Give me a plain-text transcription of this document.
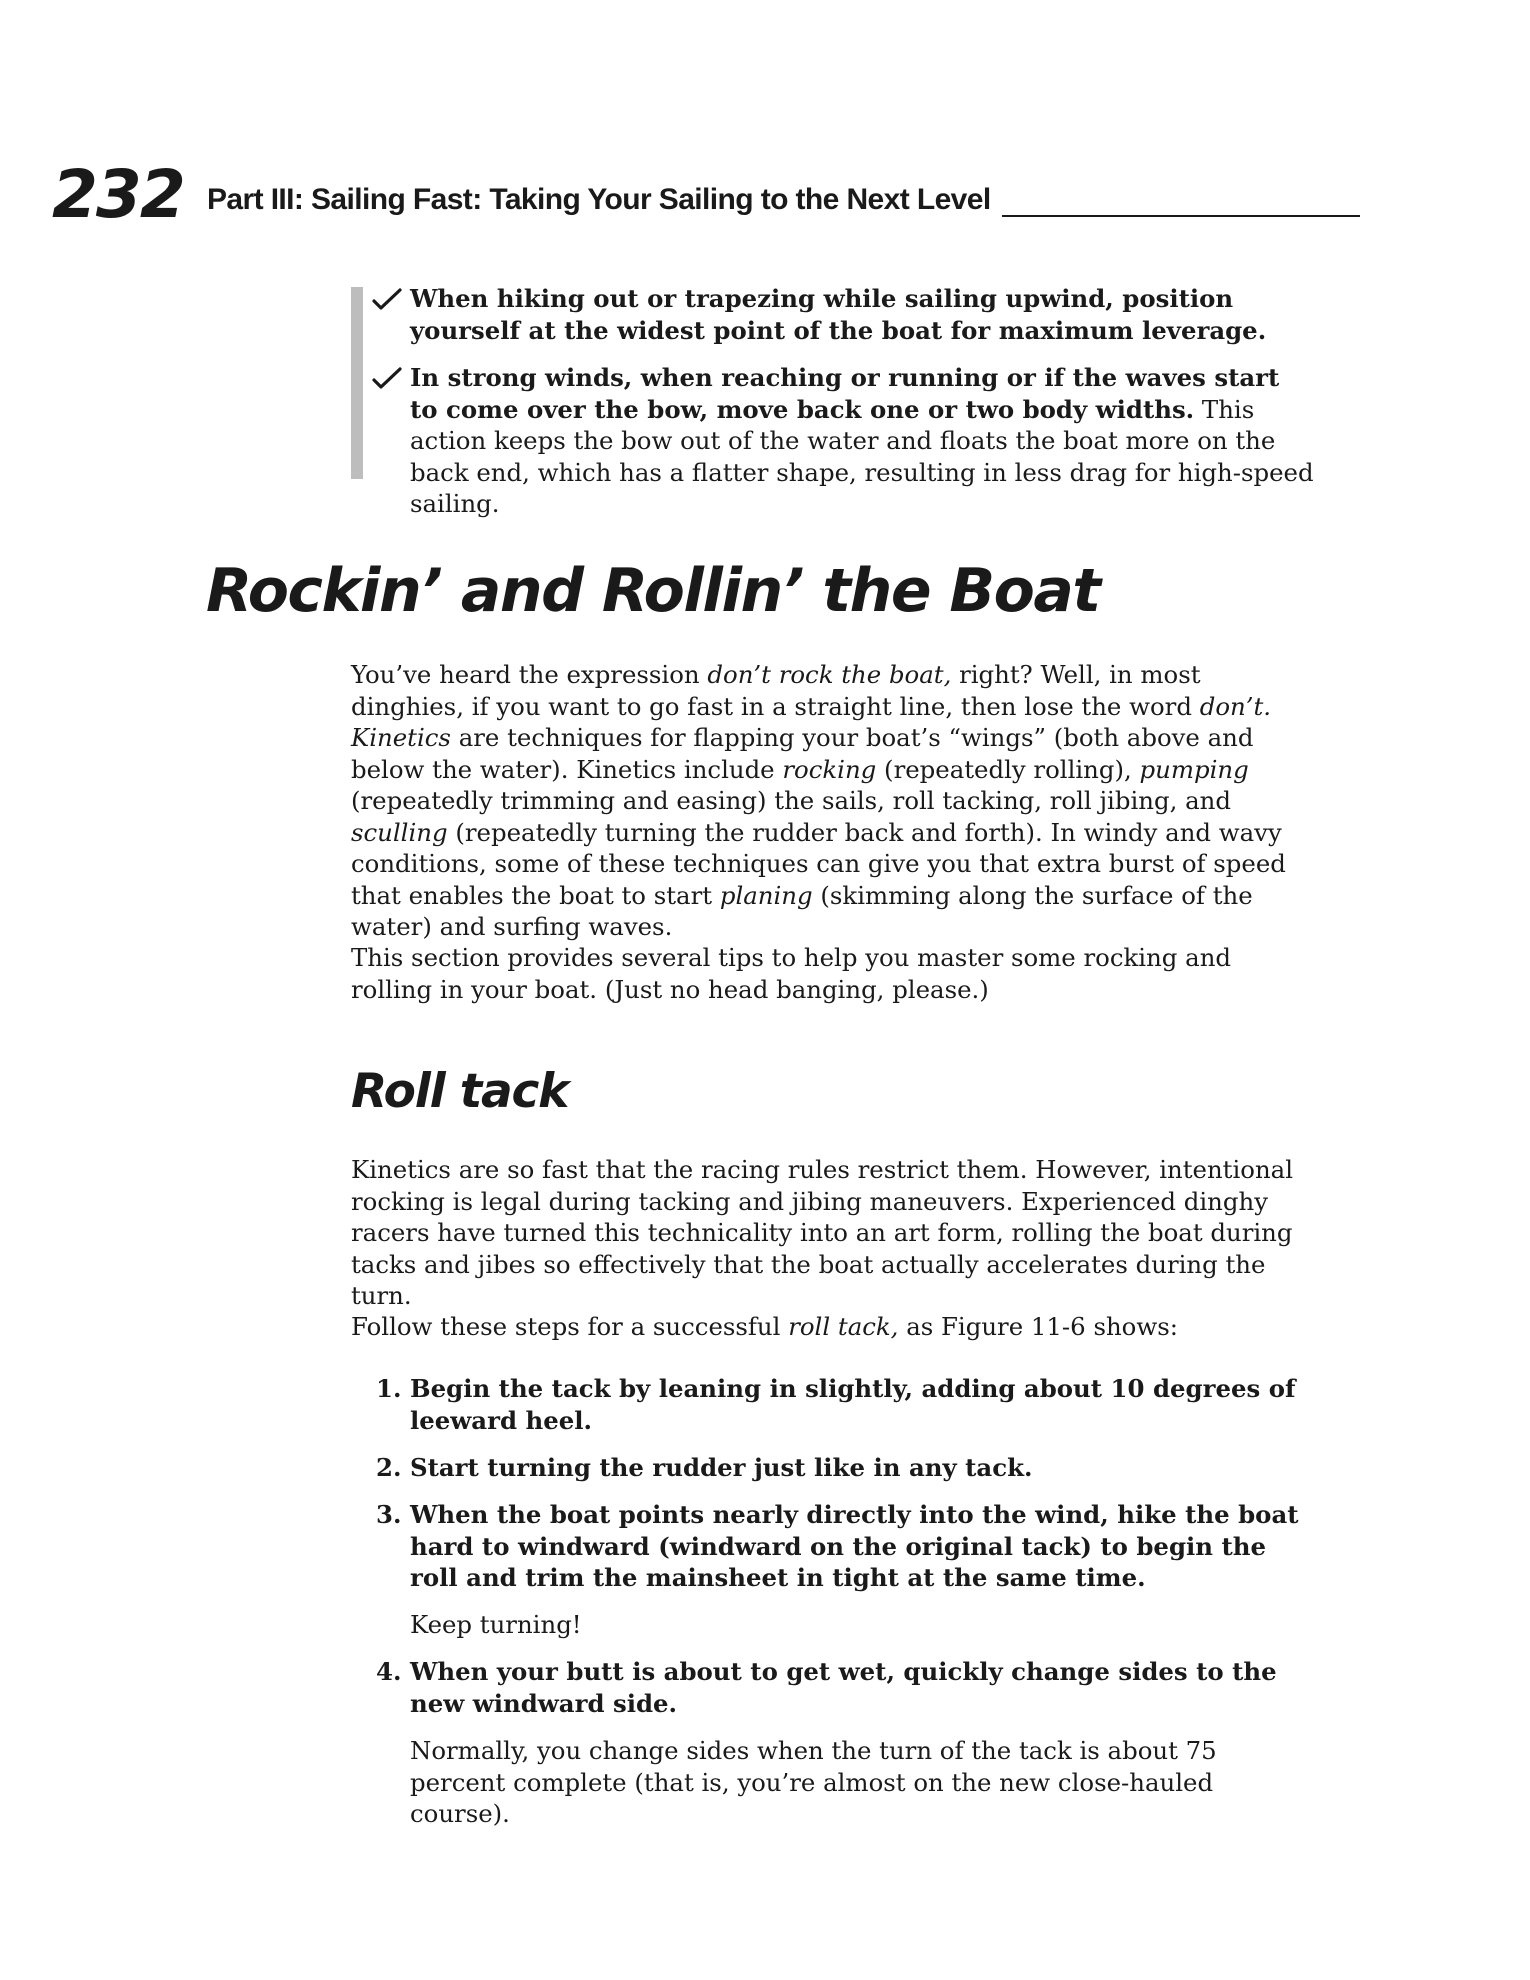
232 Part III: Sailing Fast: Taking Your Sailing to the Next Level
When hiking out or trapezing while sailing upwind, position yourself at the widest point of the boat for maximum leverage.
In strong winds, when reaching or running or if the waves start to come over the bow, move back one or two body widths. This action keeps the bow out of the water and floats the boat more on the back end, which has a flatter shape, resulting in less drag for high-speed sailing.
Rockin’ and Rollin’ the Boat

You’ve heard the expression don’t rock the boat, right? Well, in most dinghies, if you want to go fast in a straight line, then lose the word don’t. Kinetics are techniques for flapping your boat’s “wings” (both above and below the water). Kinetics include rocking (repeatedly rolling), pumping (repeatedly trimming and easing) the sails, roll tacking, roll jibing, and sculling (repeatedly turning the rudder back and forth). In windy and wavy conditions, some of these techniques can give you that extra burst of speed that enables the boat to start planing (skimming along the surface of the water) and surfing waves.

This section provides several tips to help you master some rocking and rolling in your boat. (Just no head banging, please.)

Roll tack

Kinetics are so fast that the racing rules restrict them. However, intentional rocking is legal during tacking and jibing maneuvers. Experienced dinghy racers have turned this technicality into an art form, rolling the boat during tacks and jibes so effectively that the boat actually accelerates during the turn.

Follow these steps for a successful roll tack, as Figure 11-6 shows:

1. Begin the tack by leaning in slightly, adding about 10 degrees of leeward heel.
2. Start turning the rudder just like in any tack.
3. When the boat points nearly directly into the wind, hike the boat hard to windward (windward on the original tack) to begin the roll and trim the mainsheet in tight at the same time.
Keep turning!
4. When your butt is about to get wet, quickly change sides to the new windward side.
Normally, you change sides when the turn of the tack is about 75 percent complete (that is, you’re almost on the new close-hauled course).
